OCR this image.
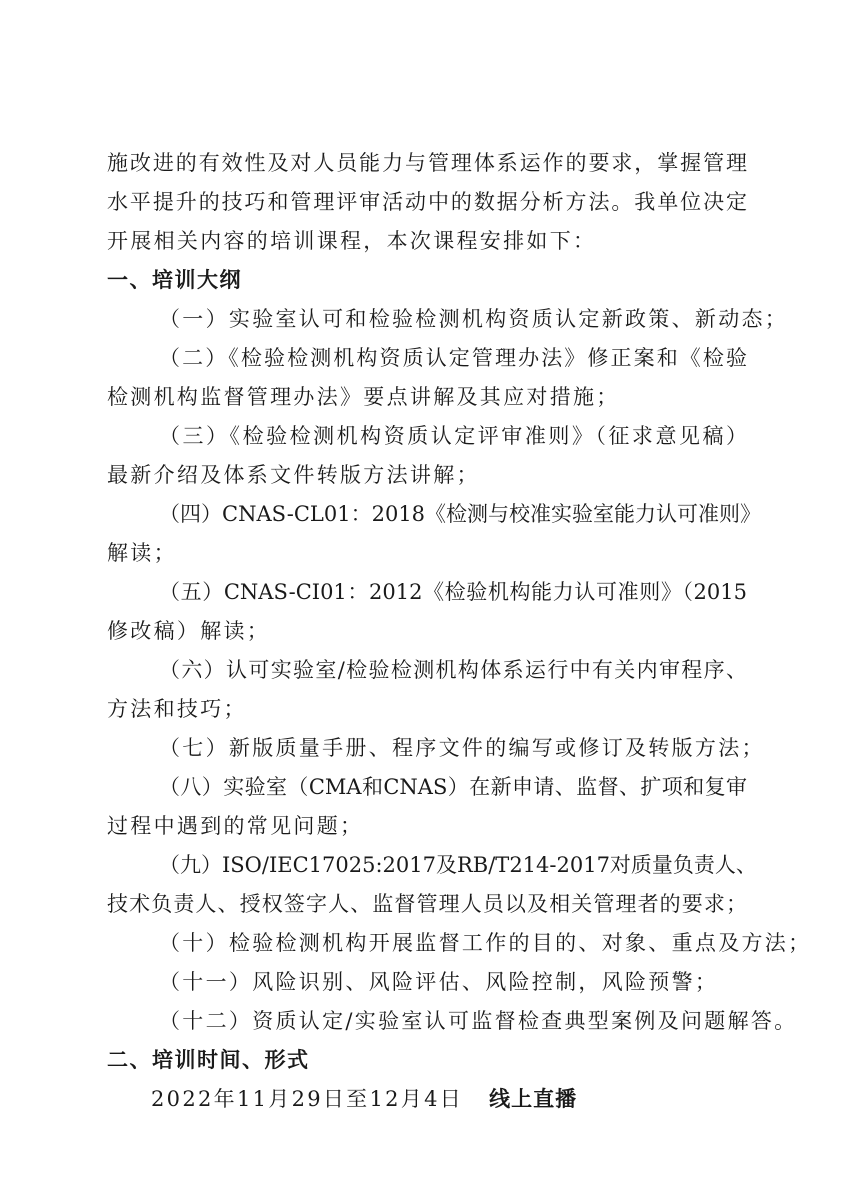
施改进的有效性及对人员能力与管理体系运作的要求，掌握管理
水平提升的技巧和管理评审活动中的数据分析方法。我单位决定
开展相关内容的培训课程，本次课程安排如下：
一、培训大纲
（一）实验室认可和检验检测机构资质认定新政策、新动态；
（二）《检验检测机构资质认定管理办法》修正案和《检验
检测机构监督管理办法》要点讲解及其应对措施；
（三）《检验检测机构资质认定评审准则》（征求意见稿）
最新介绍及体系文件转版方法讲解；
（四）CNAS-CL01：2018《检测与校准实验室能力认可准则》
解读；
（五）CNAS-CI01：2012《检验机构能力认可准则》（2015
修改稿）解读；
（六）认可实验室/检验检测机构体系运行中有关内审程序、
方法和技巧；
（七）新版质量手册、程序文件的编写或修订及转版方法；
（八）实验室（CMA和CNAS）在新申请、监督、扩项和复审
过程中遇到的常见问题；
（九）ISO/IEC17025:2017及RB/T214-2017对质量负责人、
技术负责人、授权签字人、监督管理人员以及相关管理者的要求；
（十）检验检测机构开展监督工作的目的、对象、重点及方法；
（十一）风险识别、风险评估、风险控制，风险预警；
（十二）资质认定/实验室认可监督检查典型案例及问题解答。
二、培训时间、形式
2022年11月29日至12月4日 线上直播
